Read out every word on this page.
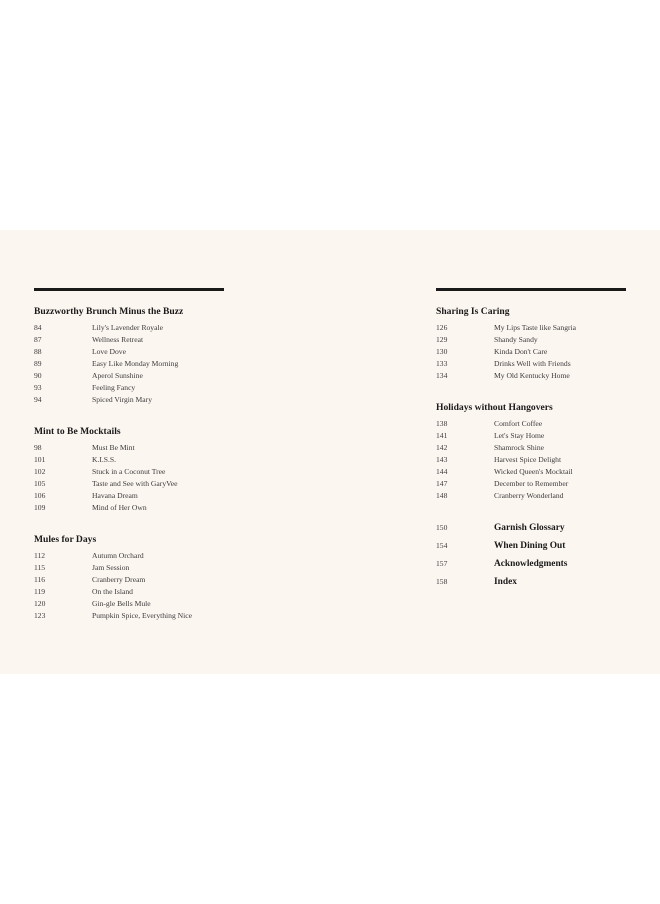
Buzzworthy Brunch Minus the Buzz
84	Lily's Lavender Royale
87	Wellness Retreat
88	Love Dove
89	Easy Like Monday Morning
90	Aperol Sunshine
93	Feeling Fancy
94	Spiced Virgin Mary
Mint to Be Mocktails
98	Must Be Mint
101	K.I.S.S.
102	Stuck in a Coconut Tree
105	Taste and See with GaryVee
106	Havana Dream
109	Mind of Her Own
Mules for Days
112	Autumn Orchard
115	Jam Session
116	Cranberry Dream
119	On the Island
120	Gin-gle Bells Mule
123	Pumpkin Spice, Everything Nice
Sharing Is Caring
126	My Lips Taste like Sangria
129	Shandy Sandy
130	Kinda Don't Care
133	Drinks Well with Friends
134	My Old Kentucky Home
Holidays without Hangovers
138	Comfort Coffee
141	Let's Stay Home
142	Shamrock Shine
143	Harvest Spice Delight
144	Wicked Queen's Mocktail
147	December to Remember
148	Cranberry Wonderland
150	Garnish Glossary
154	When Dining Out
157	Acknowledgments
158	Index
